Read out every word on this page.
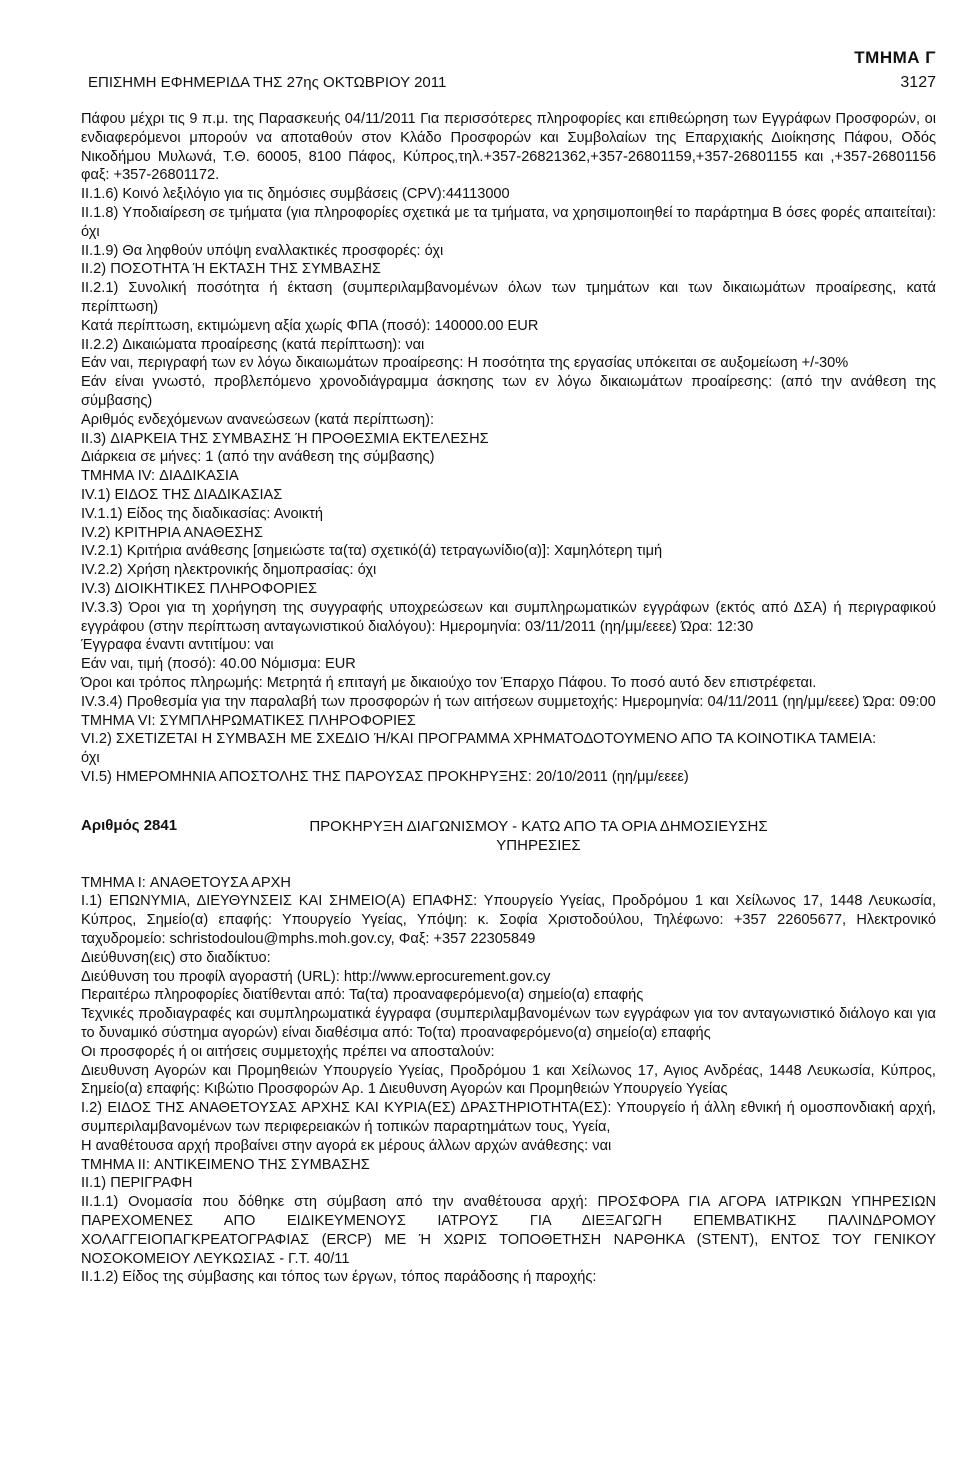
ΤΜΗΜΑ Γ
ΕΠΙΣΗΜΗ ΕΦΗΜΕΡΙΔΑ ΤΗΣ 27ης ΟΚΤΩΒΡΙΟΥ 2011	3127

Πάφου μέχρι τις 9 π.μ. της Παρασκευής 04/11/2011 Για περισσότερες πληροφορίες και επιθεώρηση των Εγγράφων Προσφορών, οι ενδιαφερόμενοι μπορούν να αποταθούν στον Κλάδο Προσφορών και Συμβολαίων της Επαρχιακής Διοίκησης Πάφου, Οδός Νικοδήμου Μυλωνά, Τ.Θ. 60005, 8100 Πάφος, Κύπρος,τηλ.+357-26821362,+357-26801159,+357-26801155 και ,+357-26801156 φαξ: +357-26801172.

II.1.6) Κοινό λεξιλόγιο για τις δημόσιες συμβάσεις (CPV):44113000

II.1.8) Υποδιαίρεση σε τμήματα (για πληροφορίες σχετικά με τα τμήματα, να χρησιμοποιηθεί το παράρτημα B όσες φορές απαιτείται): όχι

II.1.9) Θα ληφθούν υπόψη εναλλακτικές προσφορές: όχι

II.2) ΠΟΣΟΤΗΤΑ Ή ΕΚΤΑΣΗ ΤΗΣ ΣΥΜΒΑΣΗΣ

II.2.1) Συνολική ποσότητα ή έκταση (συμπεριλαμβανομένων όλων των τμημάτων και των δικαιωμάτων προαίρεσης, κατά περίπτωση)

Κατά περίπτωση, εκτιμώμενη αξία χωρίς ΦΠΑ (ποσό): 140000.00 EUR

II.2.2) Δικαιώματα προαίρεσης (κατά περίπτωση): ναι

Εάν ναι, περιγραφή των εν λόγω δικαιωμάτων προαίρεσης: Η ποσότητα της εργασίας υπόκειται σε αυξομείωση +/-30%

Εάν είναι γνωστό, προβλεπόμενο χρονοδιάγραμμα άσκησης των εν λόγω δικαιωμάτων προαίρεσης: (από την ανάθεση της σύμβασης)

Αριθμός ενδεχόμενων ανανεώσεων (κατά περίπτωση):

II.3) ΔΙΑΡΚΕΙΑ ΤΗΣ ΣΥΜΒΑΣΗΣ Ή ΠΡΟΘΕΣΜΙΑ ΕΚΤΕΛΕΣΗΣ

Διάρκεια σε μήνες: 1 (από την ανάθεση της σύμβασης)

ΤΜΗΜΑ IV: ΔΙΑΔΙΚΑΣΙΑ

IV.1) ΕΙΔΟΣ ΤΗΣ ΔΙΑΔΙΚΑΣΙΑΣ

IV.1.1) Είδος της διαδικασίας: Ανοικτή

IV.2) ΚΡΙΤΗΡΙΑ ΑΝΑΘΕΣΗΣ

IV.2.1) Κριτήρια ανάθεσης [σημειώστε τα(τα) σχετικό(ά) τετραγωνίδιο(α)]: Χαμηλότερη τιμή

IV.2.2) Χρήση ηλεκτρονικής δημοπρασίας: όχι

IV.3) ΔΙΟΙΚΗΤΙΚΕΣ ΠΛΗΡΟΦΟΡΙΕΣ

IV.3.3) Όροι για τη χορήγηση της συγγραφής υποχρεώσεων και συμπληρωματικών εγγράφων (εκτός από ΔΣΑ) ή περιγραφικού εγγράφου (στην περίπτωση ανταγωνιστικού διαλόγου): Ημερομηνία: 03/11/2011 (ηη/μμ/εεεε) Ώρα: 12:30

Έγγραφα έναντι αντιτίμου: ναι

Εάν ναι, τιμή (ποσό): 40.00 Νόμισμα: EUR

Όροι και τρόπος πληρωμής: Μετρητά ή επιταγή με δικαιούχο τον Έπαρχο Πάφου. Το ποσό αυτό δεν επιστρέφεται.

IV.3.4) Προθεσμία για την παραλαβή των προσφορών ή των αιτήσεων συμμετοχής: Ημερομηνία: 04/11/2011 (ηη/μμ/εεεε) Ώρα: 09:00

ΤΜΗΜΑ VI: ΣΥΜΠΛΗΡΩΜΑΤΙΚΕΣ ΠΛΗΡΟΦΟΡΙΕΣ

VI.2) ΣΧΕΤΙΖΕΤΑΙ Η ΣΥΜΒΑΣΗ ΜΕ ΣΧΕΔΙΟ Ή/ΚΑΙ ΠΡΟΓΡΑΜΜΑ ΧΡΗΜΑΤΟΔΟΤΟΥΜΕΝΟ ΑΠΟ ΤΑ ΚΟΙΝΟΤΙΚΑ ΤΑΜΕΙΑ:

όχι

VI.5) ΗΜΕΡΟΜΗΝΙΑ ΑΠΟΣΤΟΛΗΣ ΤΗΣ ΠΑΡΟΥΣΑΣ ΠΡΟΚΗΡΥΞΗΣ: 20/10/2011 (ηη/μμ/εεεε)

Αριθμός 2841	ΠΡΟΚΗΡΥΞΗ ΔΙΑΓΩΝΙΣΜΟΥ - ΚΑΤΩ ΑΠΟ ΤΑ ΟΡΙΑ ΔΗΜΟΣΙΕΥΣΗΣ
ΥΠΗΡΕΣΙΕΣ

ΤΜΗΜΑ I: ΑΝΑΘΕΤΟΥΣΑ ΑΡΧΗ

I.1) ΕΠΩΝΥΜΙΑ, ΔΙΕΥΘΥΝΣΕΙΣ ΚΑΙ ΣΗΜΕΙΟ(Α) ΕΠΑΦΗΣ: Υπουργείο Υγείας, Προδρόμου 1 και Χείλωνος 17, 1448 Λευκωσία, Κύπρος, Σημείο(α) επαφής: Υπουργείο Υγείας, Υπόψη: κ. Σοφία Χριστοδούλου, Τηλέφωνο: +357 22605677, Ηλεκτρονικό ταχυδρομείο: schristodoulou@mphs.moh.gov.cy, Φαξ: +357 22305849

Διεύθυνση(εις) στο διαδίκτυο:

Διεύθυνση του προφίλ αγοραστή (URL): http://www.eprocurement.gov.cy

Περαιτέρω πληροφορίες διατίθενται από: Τα(τα) προαναφερόμενο(α) σημείο(α) επαφής

Τεχνικές προδιαγραφές και συμπληρωματικά έγγραφα (συμπεριλαμβανομένων των εγγράφων για τον ανταγωνιστικό διάλογο και για το δυναμικό σύστημα αγορών) είναι διαθέσιμα από: Το(τα) προαναφερόμενο(α) σημείο(α) επαφής

Οι προσφορές ή οι αιτήσεις συμμετοχής πρέπει να αποσταλούν:

Διευθυνση Αγορών και Προμηθειών Υπουργείο Υγείας, Προδρόμου 1 και Χείλωνος 17, Αγιος Ανδρέας, 1448 Λευκωσία, Κύπρος, Σημείο(α) επαφής: Κιβώτιο Προσφορών Αρ. 1 Διευθυνση Αγορών και Προμηθειών Υπουργείο Υγείας

I.2) ΕΙΔΟΣ ΤΗΣ ΑΝΑΘΕΤΟΥΣΑΣ ΑΡΧΗΣ ΚΑΙ ΚΥΡΙΑ(ΕΣ) ΔΡΑΣΤΗΡΙΟΤΗΤΑ(ΕΣ): Υπουργείο ή άλλη εθνική ή ομοσπονδιακή αρχή, συμπεριλαμβανομένων των περιφερειακών ή τοπικών παραρτημάτων τους, Υγεία,

Η αναθέτουσα αρχή προβαίνει στην αγορά εκ μέρους άλλων αρχών ανάθεσης: ναι

ΤΜΗΜΑ II: ΑΝΤΙΚΕΙΜΕΝΟ ΤΗΣ ΣΥΜΒΑΣΗΣ

II.1) ΠΕΡΙΓΡΑΦΗ

II.1.1) Ονομασία που δόθηκε στη σύμβαση από την αναθέτουσα αρχή: ΠΡΟΣΦΟΡΑ ΓΙΑ ΑΓΟΡΑ ΙΑΤΡΙΚΩΝ ΥΠΗΡΕΣΙΩΝ ΠΑΡΕΧΟΜΕΝΕΣ ΑΠΟ ΕΙΔΙΚΕΥΜΕΝΟΥΣ ΙΑΤΡΟΥΣ ΓΙΑ ΔΙΕΞΑΓΩΓΗ ΕΠΕΜΒΑΤΙΚΗΣ ΠΑΛΙΝΔΡΟΜΟΥ ΧΟΛΑΓΓΕΙΟΠΑΓΚΡΕΑΤΟΓΡΑΦΙΑΣ (ERCP) ΜΕ Ή ΧΩΡΙΣ ΤΟΠΟΘΕΤΗΣΗ ΝΑΡΘΗΚΑ (STENT), ΕΝΤΟΣ ΤΟΥ ΓΕΝΙΚΟΥ ΝΟΣΟΚΟΜΕΙΟΥ ΛΕΥΚΩΣΙΑΣ - Γ.Τ. 40/11

II.1.2) Είδος της σύμβασης και τόπος των έργων, τόπος παράδοσης ή παροχής:
